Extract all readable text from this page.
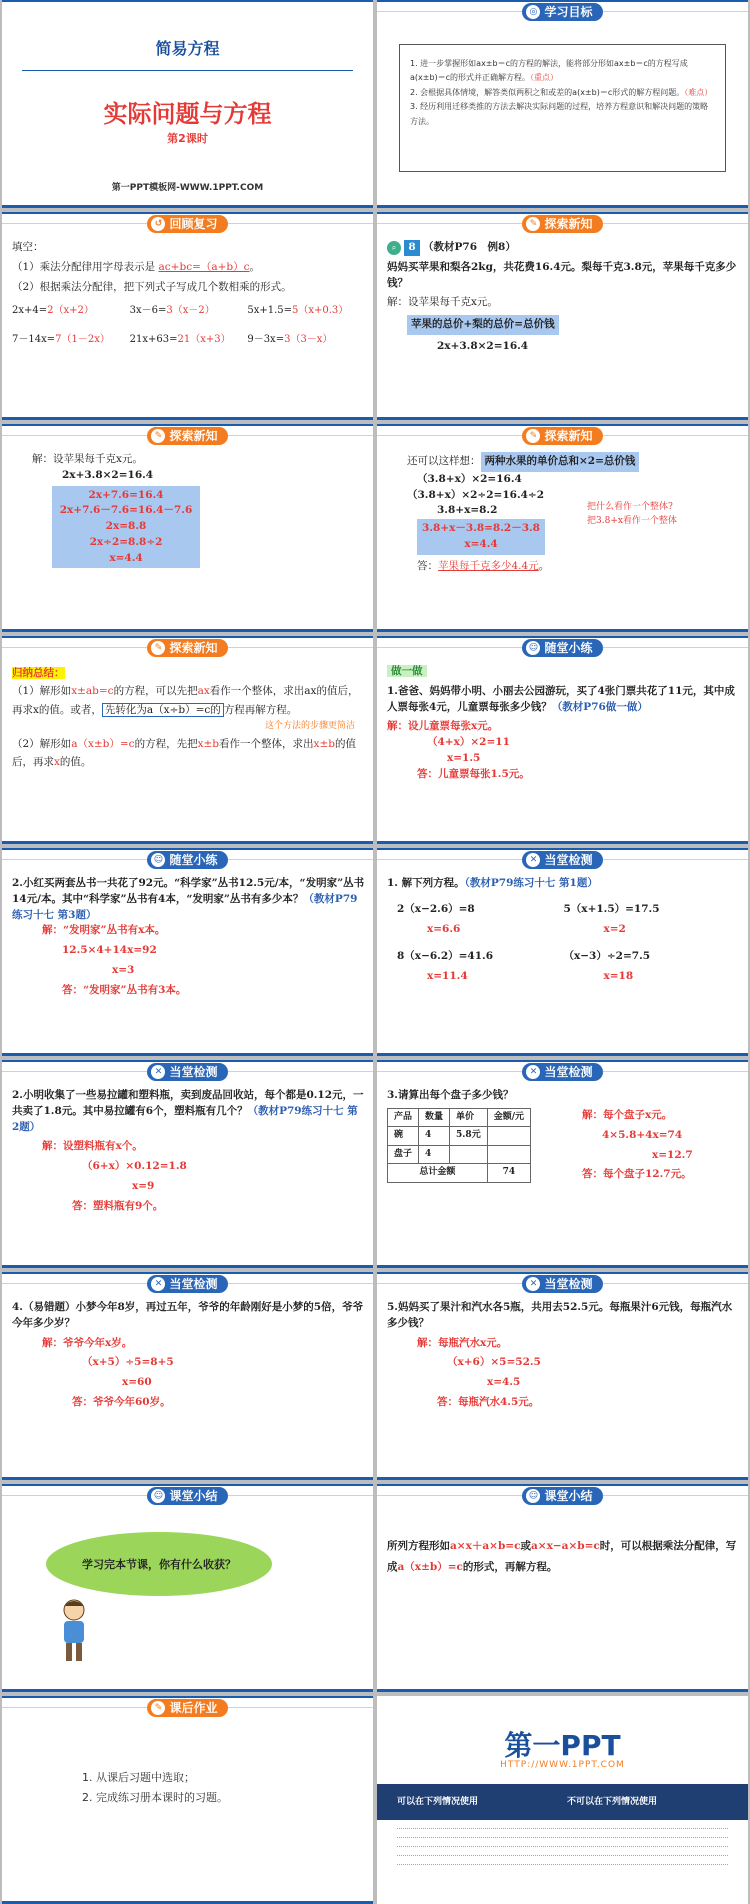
简易方程
实际问题与方程
第2课时
第一PPT模板网-WWW.1PPT.COM
◎ 学习目标

1. 进一步掌握形如ax±b＝c的方程的解法，能将部分形如ax±b＝c的方程写成a(x±b)＝c的形式并正确解方程。（重点）

2. 会根据具体情境，解答类似两积之和或差的a(x±b)＝c形式的解方程问题。（难点）

3. 经历利用迁移类推的方法去解决实际问题的过程，培养方程意识和解决问题的策略方法。

↺ 回顾复习

填空：

（1）乘法分配律用字母表示是 ac+bc=（a+b）c。

（2）根据乘法分配律，把下列式子写成几个数相乘的形式。

2x+4=2（x+2）	3x－6=3（x－2）	5x+1.5=5（x+0.3）
7－14x=7（1－2x）	21x+63=21（x+3）	9－3x=3（3－x）
✎ 探索新知

⌕ 8 （教材P76　例8）

妈妈买苹果和梨各2kg，共花费16.4元。梨每千克3.8元，苹果每千克多少钱？

解：设苹果每千克x元。

苹果的总价+梨的总价=总价钱

2x+3.8×2=16.4

✎ 探索新知

解：设苹果每千克x元。

2x+3.8×2=16.4

2x+7.6=16.4

2x+7.6－7.6=16.4－7.6

2x=8.8

2x÷2=8.8÷2

x=4.4

✎ 探索新知

还可以这样想： 两种水果的单价总和×2=总价钱

（3.8+x）×2=16.4

（3.8+x）×2÷2=16.4÷2

3.8+x=8.2

3.8+x－3.8=8.2－3.8

x=4.4

答：苹果每千克多少4.4元。

把什么看作一个整体?

把3.8+x看作一个整体

✎ 探索新知

归纳总结：

（1）解形如x±ab=c的方程，可以先把ax看作一个整体，求出ax的值后，再求x的值。或者， 先转化为a（x÷b）=c的 方程再解方程。

这个方法的步骤更简洁

（2）解形如a（x±b）=c的方程，先把x±b看作一个整体，求出x±b的值后，再求x的值。

☺ 随堂小练

做一做

1.爸爸、妈妈带小明、小丽去公园游玩，买了4张门票共花了11元，其中成人票每张4元，儿童票每张多少钱？（教材P76做一做）

解：设儿童票每张x元。

（4+x）×2=11

x=1.5

答：儿童票每张1.5元。

☺ 随堂小练

2.小红买两套丛书一共花了92元。“科学家”丛书12.5元/本，“发明家”丛书14元/本。其中“科学家”丛书有4本，“发明家”丛书有多少本？（教材P79练习十七 第3题）

解：“发明家”丛书有x本。

12.5×4+14x=92

x=3

答：“发明家”丛书有3本。

✕ 当堂检测

1. 解下列方程。（教材P79练习十七 第1题）

2（x−2.6）=8	5（x+1.5）=17.5
x=6.6	x=2
8（x−6.2）=41.6	（x−3）÷2=7.5
x=11.4	x=18
✕ 当堂检测

2.小明收集了一些易拉罐和塑料瓶，卖到废品回收站，每个都是0.12元，一共卖了1.8元。其中易拉罐有6个，塑料瓶有几个？（教材P79练习十七 第2题）

解：设塑料瓶有x个。

（6+x）×0.12=1.8

x=9

答：塑料瓶有9个。

✕ 当堂检测

3.请算出每个盘子多少钱？

产品	数量	单价	金额/元
碗	4	5.8元	
盘子	4		
总计金额			74

解：每个盘子x元。

4×5.8+4x=74

x=12.7

答：每个盘子12.7元。

✕ 当堂检测

4.（易错题）小梦今年8岁，再过五年，爷爷的年龄刚好是小梦的5倍，爷爷今年多少岁？

解：爷爷今年x岁。

（x+5）÷5=8+5

x=60

答：爷爷今年60岁。

✕ 当堂检测

5.妈妈买了果汁和汽水各5瓶，共用去52.5元。每瓶果汁6元钱，每瓶汽水多少钱？

解：每瓶汽水x元。

（x+6）×5=52.5

x=4.5

答：每瓶汽水4.5元。

☺ 课堂小结
学习完本节课，你有什么收获？
☺ 课堂小结

所列方程形如a×x＋a×b=c或a×x−a×b=c时，可以根据乘法分配律，写成a（x±b）=c的形式，再解方程。

✎ 课后作业

1. 从课后习题中选取；

2. 完成练习册本课时的习题。

第一PPT
HTTP://WWW.1PPT.COM
可以在下列情况使用	不可以在下列情况使用
